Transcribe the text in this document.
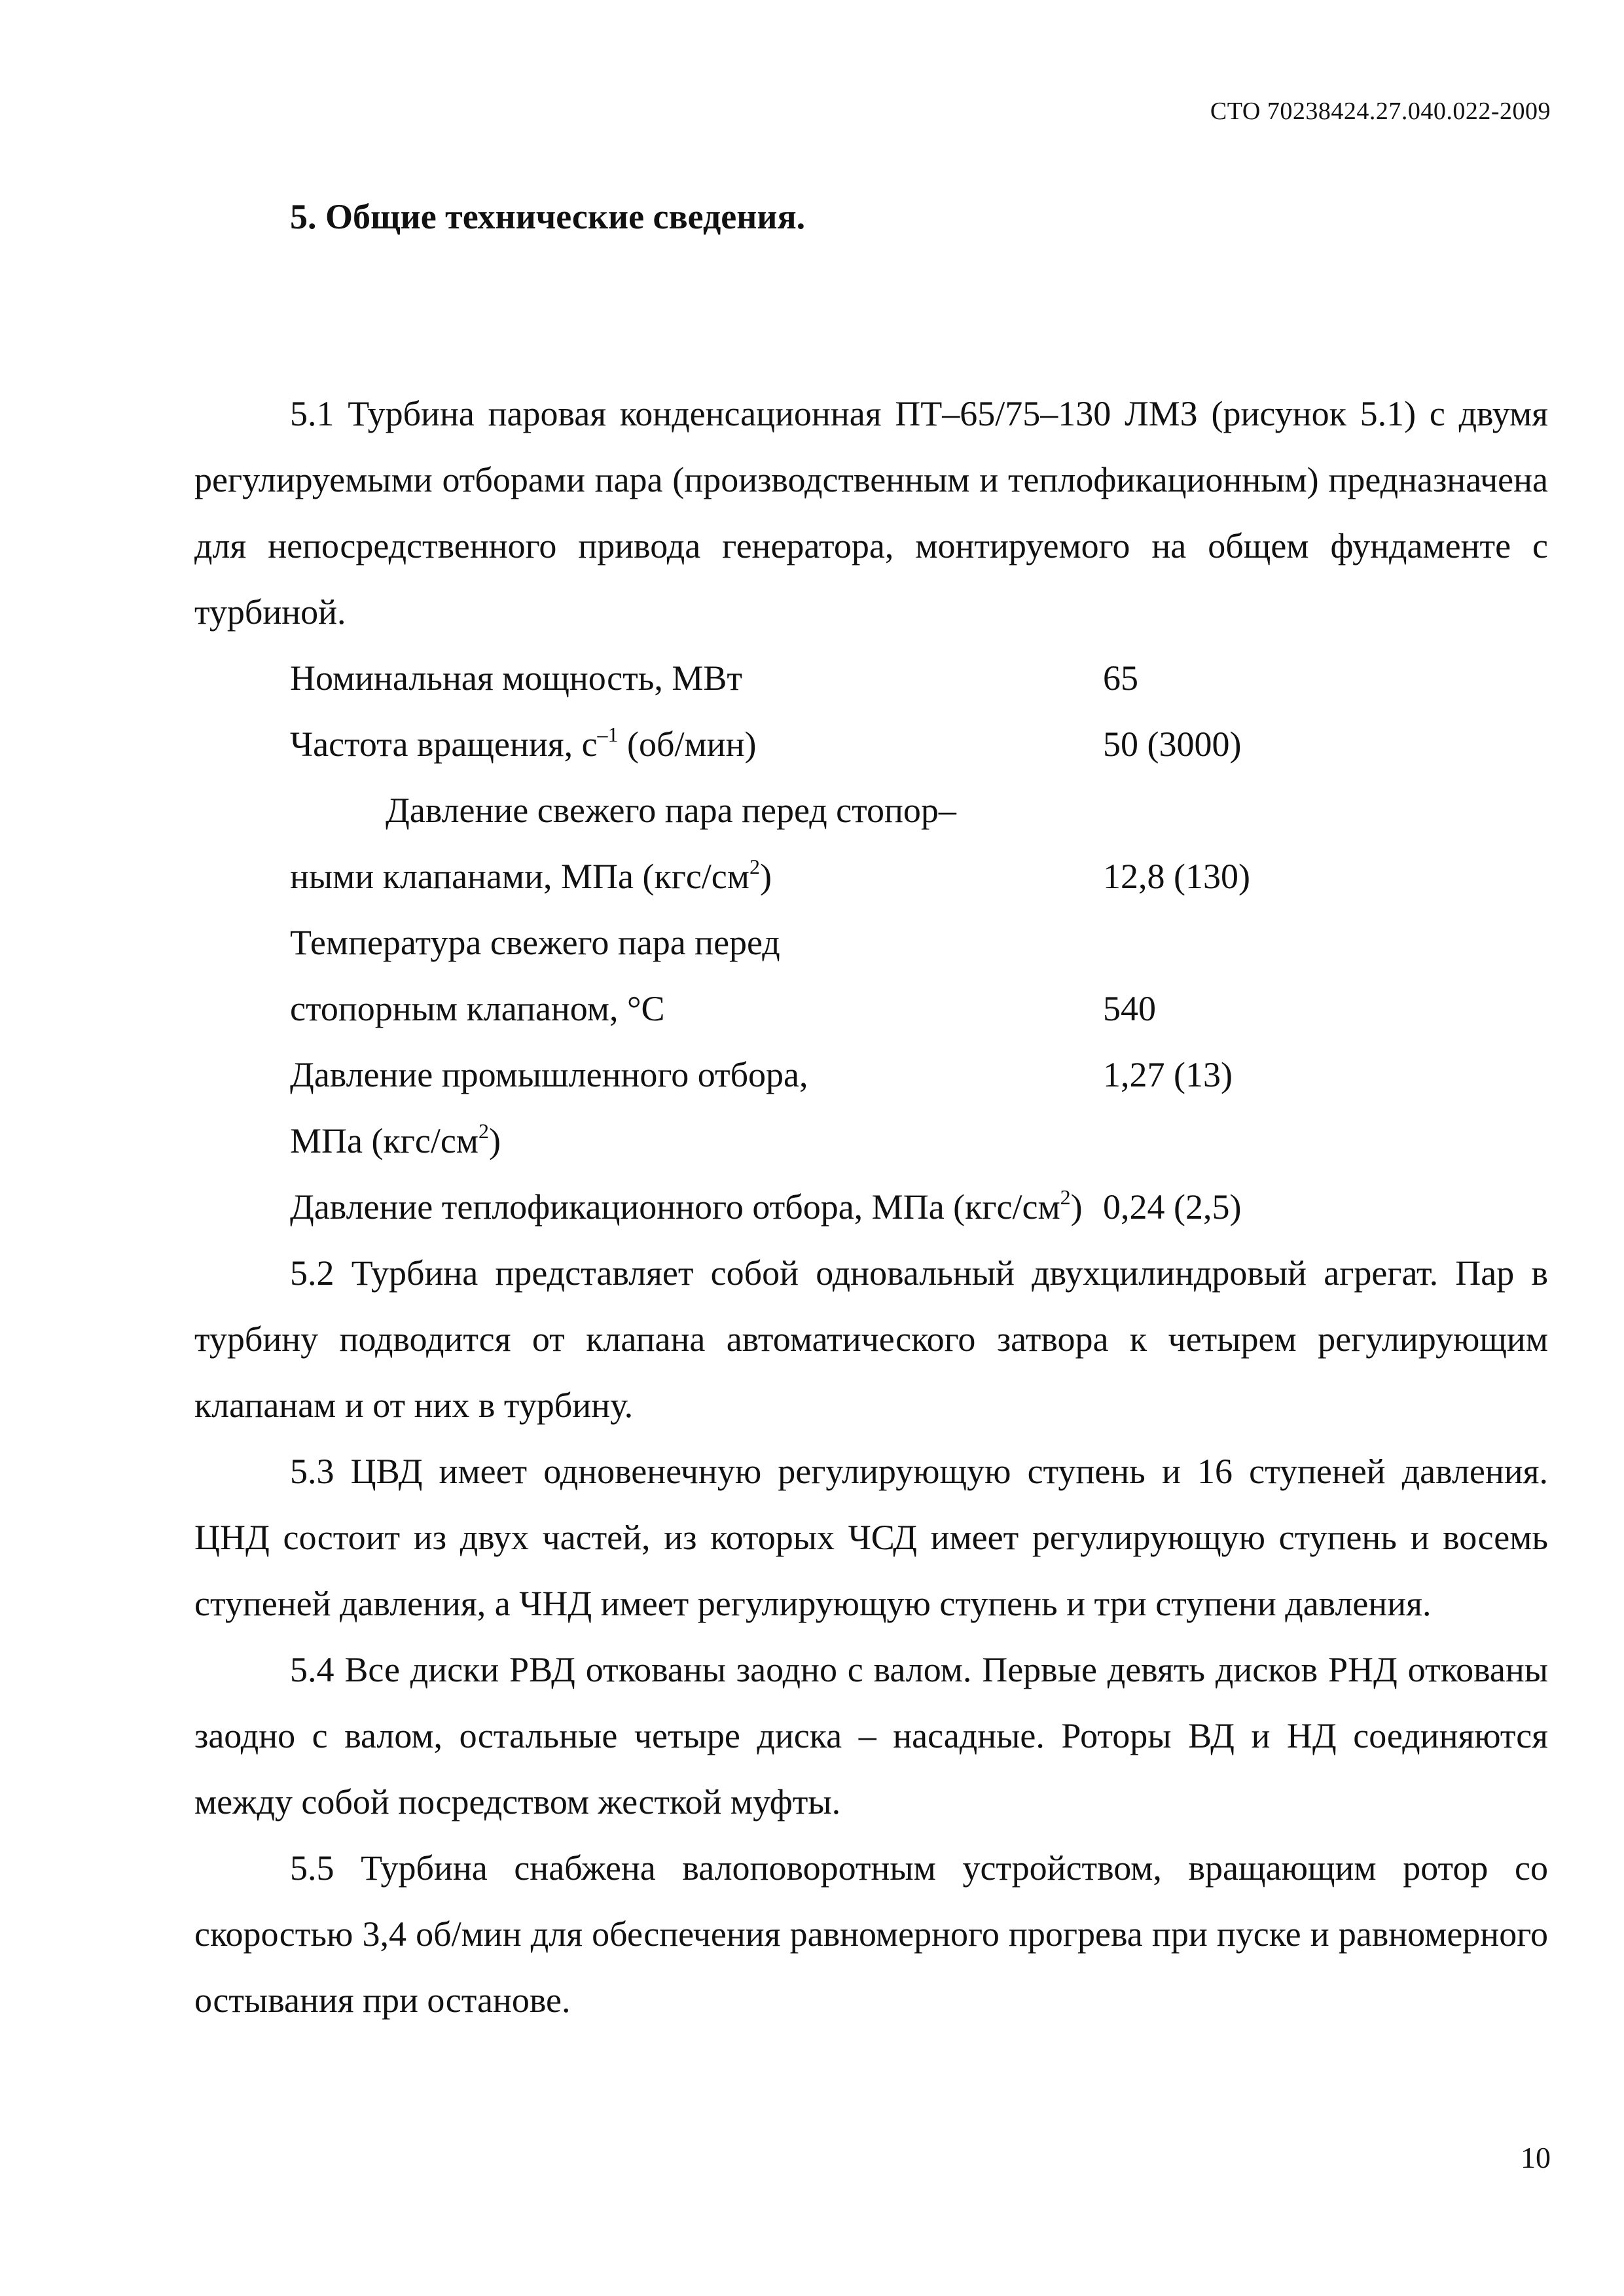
СТО 70238424.27.040.022-2009
5. Общие технические сведения.

5.1 Турбина паровая конденсационная ПТ–65/75–130 ЛМЗ (рисунок 5.1) с двумя регулируемыми отборами пара (производственным и теплофикационным) предназначена для непосредственного привода генератора, монтируемого на общем фундаменте с турбиной.

Номинальная мощность, МВт	65
Частота вращения, $с^{-1}$ (об/мин)	50 (3000)
Давление свежего пара перед стопор–
ными клапанами, МПа $(кгс/см^2)$	12,8 (130)
Температура свежего пара перед
стопорным клапаном, °С	540
Давление промышленного отбора,	1,27 (13)
МПа $(кгс/см^2)$
Давление теплофикационного отбора, МПа $(кгс/см^2)$ 0,24 (2,5)

5.2 Турбина представляет собой одновальный двухцилиндровый агрегат. Пар в турбину подводится от клапана автоматического затвора к четырем регулирующим клапанам и от них в турбину.

5.3 ЦВД имеет одновенечную регулирующую ступень и 16 ступеней давления. ЦНД состоит из двух частей, из которых ЧСД имеет регулирующую ступень и восемь ступеней давления, а ЧНД имеет регулирующую ступень и три ступени давления.

5.4 Все диски РВД откованы заодно с валом. Первые девять дисков РНД откованы заодно с валом, остальные четыре диска – насадные. Роторы ВД и НД соединяются между собой посредством жесткой муфты.

5.5 Турбина снабжена валоповоротным устройством, вращающим ротор со скоростью 3,4 об/мин для обеспечения равномерного прогрева при пуске и равномерного остывания при останове.

10
